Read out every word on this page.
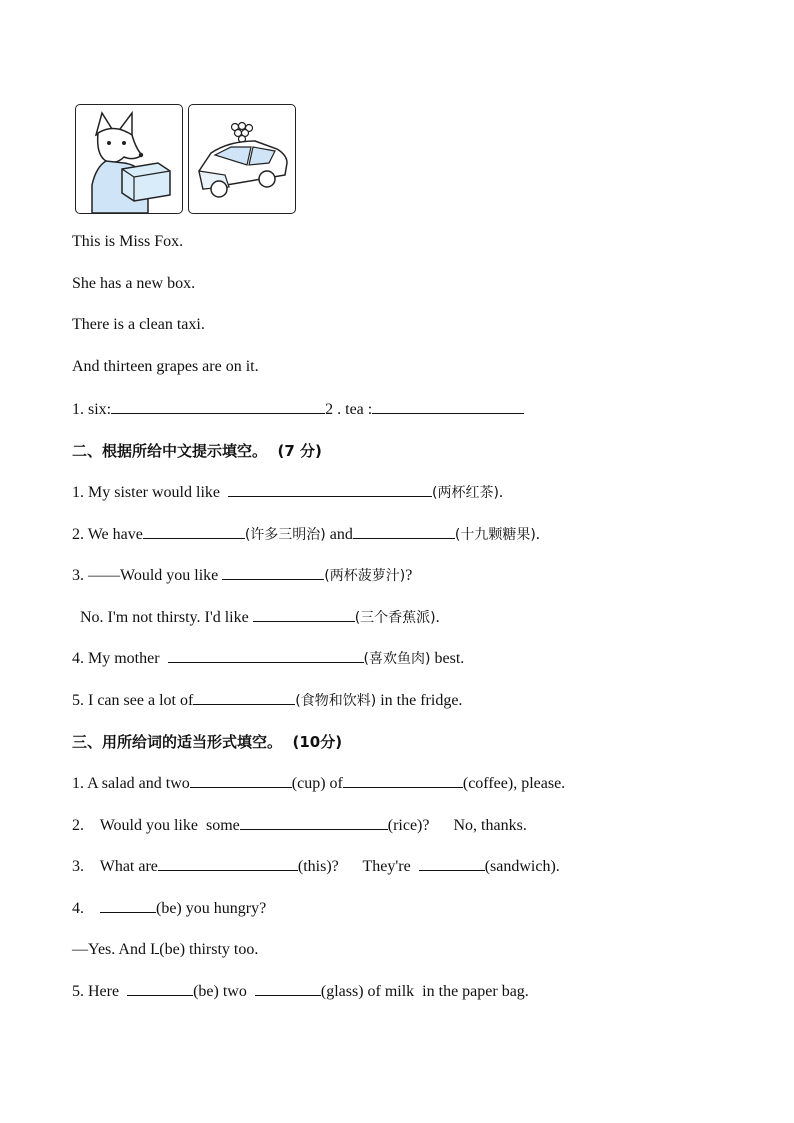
This is Miss Fox.
She has a new box.
There is a clean taxi.
And thirteen grapes are on it.
1. six:	2 . tea :
二、根据所给中文提示填空。 (7 分)
1. My sister would like	(两杯红茶).
2. We have	(许多三明治) and	(十九颗糖果).
3. ——Would you like	(两杯菠萝汁)?
No. I'm not thirsty. I'd like	(三个香蕉派).
4. My mother	(喜欢鱼肉) best.
5. I can see a lot of	(食物和饮料) in the fridge.
三、用所给词的适当形式填空。 (10分)
1. A salad and two	(cup) of	(coffee), please.
2. Would you like  some	(rice)? No, thanks.
3. What are	(this)? They're	(sandwich).
4.	(be) you hungry?
—Yes. And I (be) thirsty too.
5. Here	(be) two	(glass) of milk  in the paper bag.
